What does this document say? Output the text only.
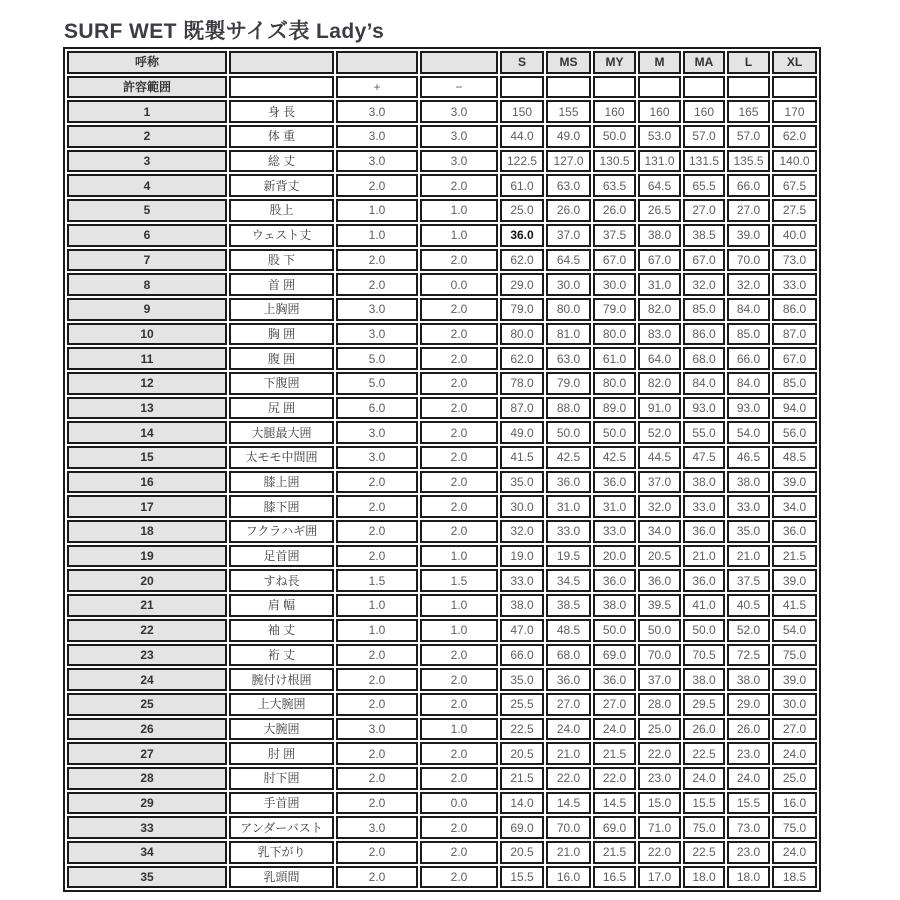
SURF WET 既製サイズ表 Lady’s
呼称				S	MS	MY	M	MA	L	XL
許容範囲		+	−							
1	身 長	3.0	3.0	150	155	160	160	160	165	170
2	体 重	3.0	3.0	44.0	49.0	50.0	53.0	57.0	57.0	62.0
3	総 丈	3.0	3.0	122.5	127.0	130.5	131.0	131.5	135.5	140.0
4	新背丈	2.0	2.0	61.0	63.0	63.5	64.5	65.5	66.0	67.5
5	股上	1.0	1.0	25.0	26.0	26.0	26.5	27.0	27.0	27.5
6	ウェスト丈	1.0	1.0	36.0	37.0	37.5	38.0	38.5	39.0	40.0
7	股 下	2.0	2.0	62.0	64.5	67.0	67.0	67.0	70.0	73.0
8	首 囲	2.0	0.0	29.0	30.0	30.0	31.0	32.0	32.0	33.0
9	上胸囲	3.0	2.0	79.0	80.0	79.0	82.0	85.0	84.0	86.0
10	胸 囲	3.0	2.0	80.0	81.0	80.0	83.0	86.0	85.0	87.0
11	腹 囲	5.0	2.0	62.0	63.0	61.0	64.0	68.0	66.0	67.0
12	下腹囲	5.0	2.0	78.0	79.0	80.0	82.0	84.0	84.0	85.0
13	尻 囲	6.0	2.0	87.0	88.0	89.0	91.0	93.0	93.0	94.0
14	大腿最大囲	3.0	2.0	49.0	50.0	50.0	52.0	55.0	54.0	56.0
15	太モモ中間囲	3.0	2.0	41.5	42.5	42.5	44.5	47.5	46.5	48.5
16	膝上囲	2.0	2.0	35.0	36.0	36.0	37.0	38.0	38.0	39.0
17	膝下囲	2.0	2.0	30.0	31.0	31.0	32.0	33.0	33.0	34.0
18	フクラハギ囲	2.0	2.0	32.0	33.0	33.0	34.0	36.0	35.0	36.0
19	足首囲	2.0	1.0	19.0	19.5	20.0	20.5	21.0	21.0	21.5
20	すね長	1.5	1.5	33.0	34.5	36.0	36.0	36.0	37.5	39.0
21	肩 幅	1.0	1.0	38.0	38.5	38.0	39.5	41.0	40.5	41.5
22	袖 丈	1.0	1.0	47.0	48.5	50.0	50.0	50.0	52.0	54.0
23	裄 丈	2.0	2.0	66.0	68.0	69.0	70.0	70.5	72.5	75.0
24	腕付け根囲	2.0	2.0	35.0	36.0	36.0	37.0	38.0	38.0	39.0
25	上大腕囲	2.0	2.0	25.5	27.0	27.0	28.0	29.5	29.0	30.0
26	大腕囲	3.0	1.0	22.5	24.0	24.0	25.0	26.0	26.0	27.0
27	肘 囲	2.0	2.0	20.5	21.0	21.5	22.0	22.5	23.0	24.0
28	肘下囲	2.0	2.0	21.5	22.0	22.0	23.0	24.0	24.0	25.0
29	手首囲	2.0	0.0	14.0	14.5	14.5	15.0	15.5	15.5	16.0
33	アンダーバスト	3.0	2.0	69.0	70.0	69.0	71.0	75.0	73.0	75.0
34	乳下がり	2.0	2.0	20.5	21.0	21.5	22.0	22.5	23.0	24.0
35	乳頭間	2.0	2.0	15.5	16.0	16.5	17.0	18.0	18.0	18.5
